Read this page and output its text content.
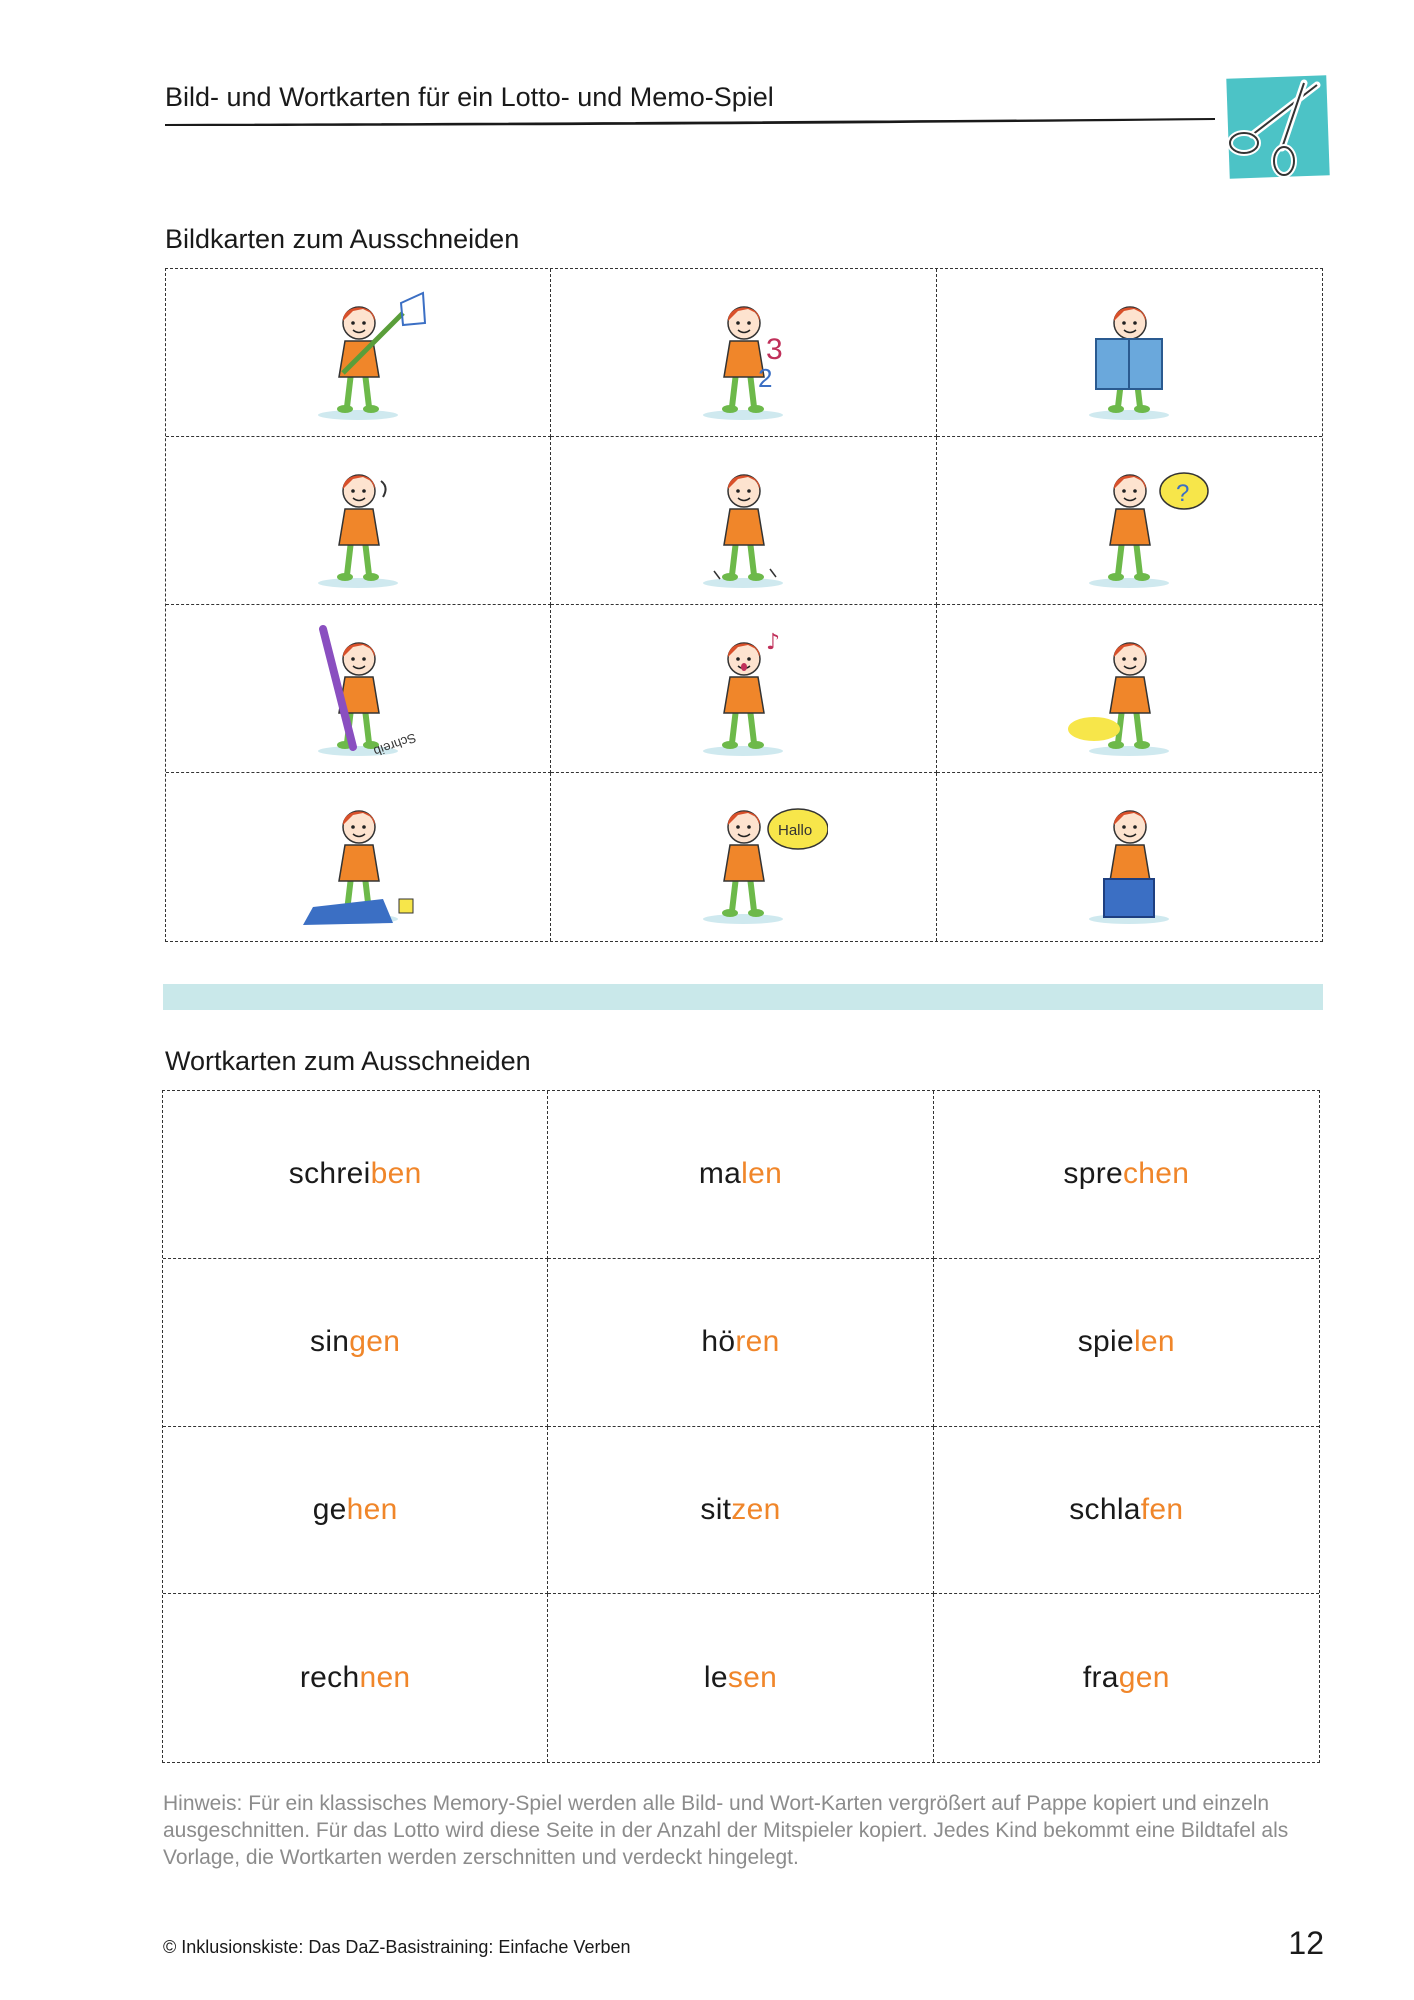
Bild- und Wortkarten für ein Lotto- und Memo-Spiel
Bildkarten zum Ausschneiden
3
2
?
Schreib
♪
Hallo
Wortkarten zum Ausschneiden
schreiben	malen	sprechen
singen	hören	spielen
gehen	sitzen	schlafen
rechnen	lesen	fragen
Hinweis: Für ein klassisches Memory-Spiel werden alle Bild- und Wort-Karten vergrößert auf Pappe kopiert und einzeln ausgeschnitten. Für das Lotto wird diese Seite in der Anzahl der Mitspieler kopiert. Jedes Kind bekommt eine Bildtafel als Vorlage, die Wortkarten werden zerschnitten und verdeckt hingelegt.
© Inklusionskiste: Das DaZ-Basistraining: Einfache Verben	12
